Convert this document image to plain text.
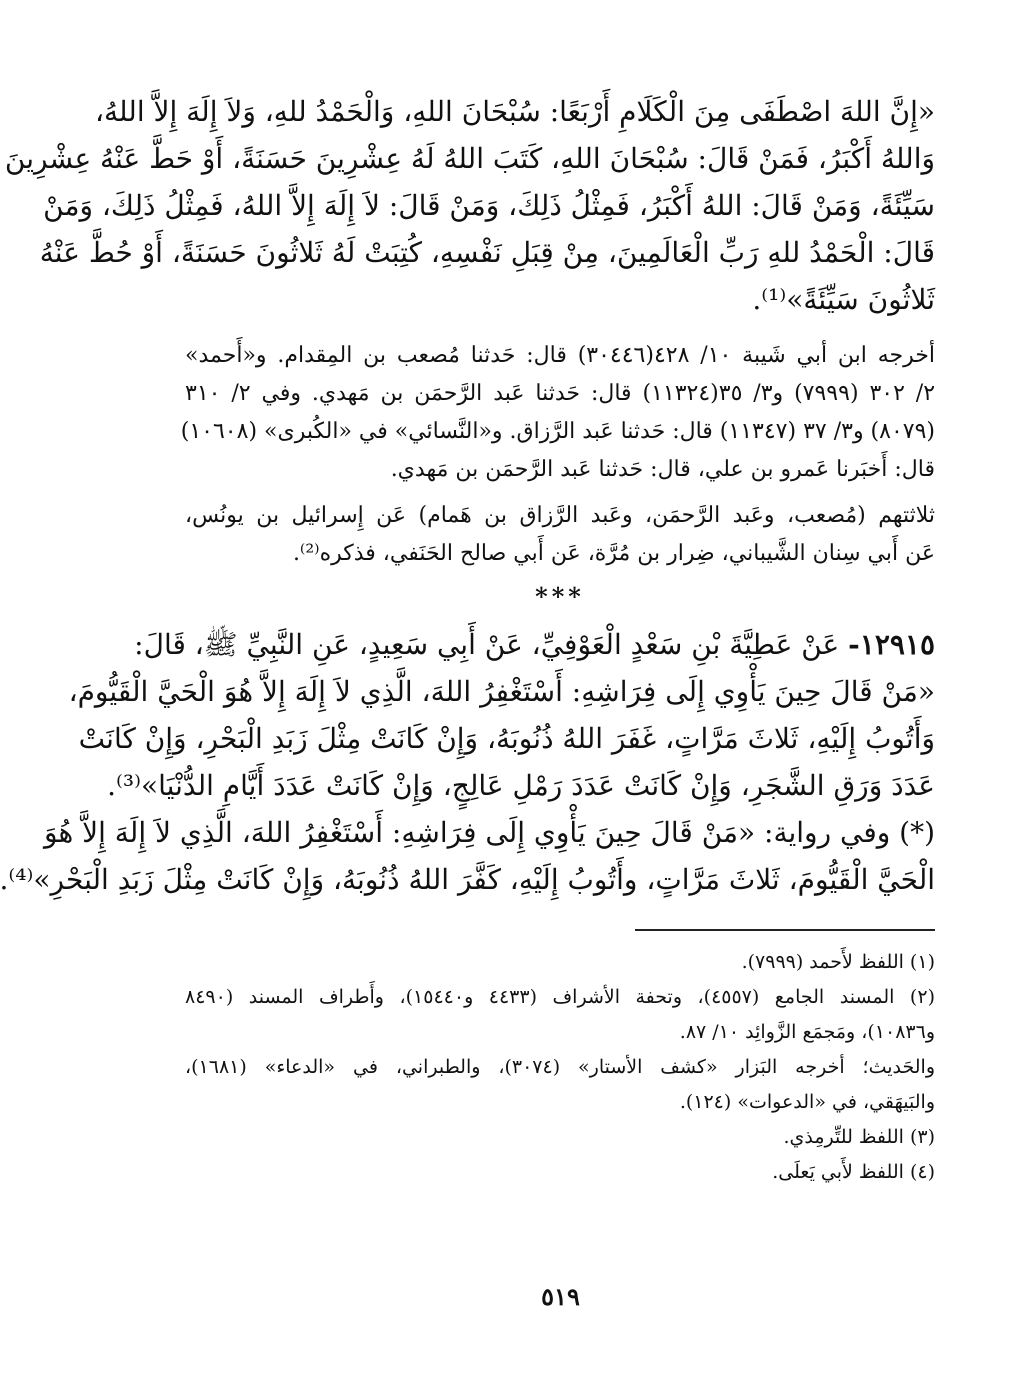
«إِنَّ اللهَ اصْطَفَى مِنَ الْكَلَامِ أَرْبَعًا: سُبْحَانَ اللهِ، وَالْحَمْدُ للهِ، وَلاَ إِلَهَ إِلاَّ اللهُ،
وَاللهُ أَكْبَرُ، فَمَنْ قَالَ: سُبْحَانَ اللهِ، كَتَبَ اللهُ لَهُ عِشْرِينَ حَسَنَةً، أَوْ حَطَّ عَنْهُ عِشْرِينَ
سَيِّئَةً، وَمَنْ قَالَ: اللهُ أَكْبَرُ، فَمِثْلُ ذَلِكَ، وَمَنْ قَالَ: لاَ إِلَهَ إِلاَّ اللهُ، فَمِثْلُ ذَلِكَ، وَمَنْ
قَالَ: الْحَمْدُ للهِ رَبِّ الْعَالَمِينَ، مِنْ قِبَلِ نَفْسِهِ، كُتِبَتْ لَهُ ثَلاثُونَ حَسَنَةً، أَوْ حُطَّ عَنْهُ
ثَلاثُونَ سَيِّئَةً»⁽¹⁾.
أخرجه ابن أبي شَيبة ١٠/ ٤٢٨(٣٠٤٤٦) قال: حَدثنا مُصعب بن المِقدام. و«أَحمد»
٢/ ٣٠٢ (٧٩٩٩) و٣/ ٣٥(١١٣٢٤) قال: حَدثنا عَبد الرَّحمَن بن مَهدي. وفي ٢/ ٣١٠
(٨٠٧٩) و٣/ ٣٧ (١١٣٤٧) قال: حَدثنا عَبد الرَّزاق. و«النَّسائي» في «الكُبرى» (١٠٦٠٨)
قال: أَخبَرنا عَمرو بن علي، قال: حَدثنا عَبد الرَّحمَن بن مَهدي.
ثلاثتهم (مُصعب، وعَبد الرَّحمَن، وعَبد الرَّزاق بن هَمام) عَن إِسرائيل بن يونُس،
عَن أَبي سِنان الشَّيباني، ضِرار بن مُرَّة، عَن أَبي صالح الحَنَفي، فذكره⁽²⁾.
***
١٢٩١٥- عَنْ عَطِيَّةَ بْنِ سَعْدٍ الْعَوْفِيِّ، عَنْ أَبِي سَعِيدٍ، عَنِ النَّبِيِّ ﷺ، قَالَ:
«مَنْ قَالَ حِينَ يَأْوِي إِلَى فِرَاشِهِ: أَسْتَغْفِرُ اللهَ، الَّذِي لاَ إِلَهَ إِلاَّ هُوَ الْحَيَّ الْقَيُّومَ،
وَأَتُوبُ إِلَيْهِ، ثَلاثَ مَرَّاتٍ، غَفَرَ اللهُ ذُنُوبَهُ، وَإِنْ كَانَتْ مِثْلَ زَبَدِ الْبَحْرِ، وَإِنْ كَانَتْ
عَدَدَ وَرَقِ الشَّجَرِ، وَإِنْ كَانَتْ عَدَدَ رَمْلِ عَالِجٍ، وَإِنْ كَانَتْ عَدَدَ أَيَّامِ الدُّنْيَا»⁽³⁾.
(*) وفي رواية: «مَنْ قَالَ حِينَ يَأْوِي إِلَى فِرَاشِهِ: أَسْتَغْفِرُ اللهَ، الَّذِي لاَ إِلَهَ إِلاَّ هُوَ
الْحَيَّ الْقَيُّومَ، ثَلاثَ مَرَّاتٍ، وأَتُوبُ إِلَيْهِ، كَفَّرَ اللهُ ذُنُوبَهُ، وَإِنْ كَانَتْ مِثْلَ زَبَدِ الْبَحْرِ»⁽⁴⁾.
(١) اللفظ لأَحمد (٧٩٩٩).
(٢) المسند الجامع (٤٥٥٧)، وتحفة الأشراف (٤٤٣٣ و١٥٤٤٠)، وأَطراف المسند (٨٤٩٠
و١٠٨٣٦)، ومَجمَع الزَّوائِد ١٠/ ٨٧.
والحَديث؛ أخرجه البَزار «كشف الأستار» (٣٠٧٤)، والطبراني، في «الدعاء» (١٦٨١)،
والبَيهَقي، في «الدعوات» (١٢٤).
(٣) اللفظ للتِّرمِذي.
(٤) اللفظ لأَبي يَعلَى.
٥١٩
